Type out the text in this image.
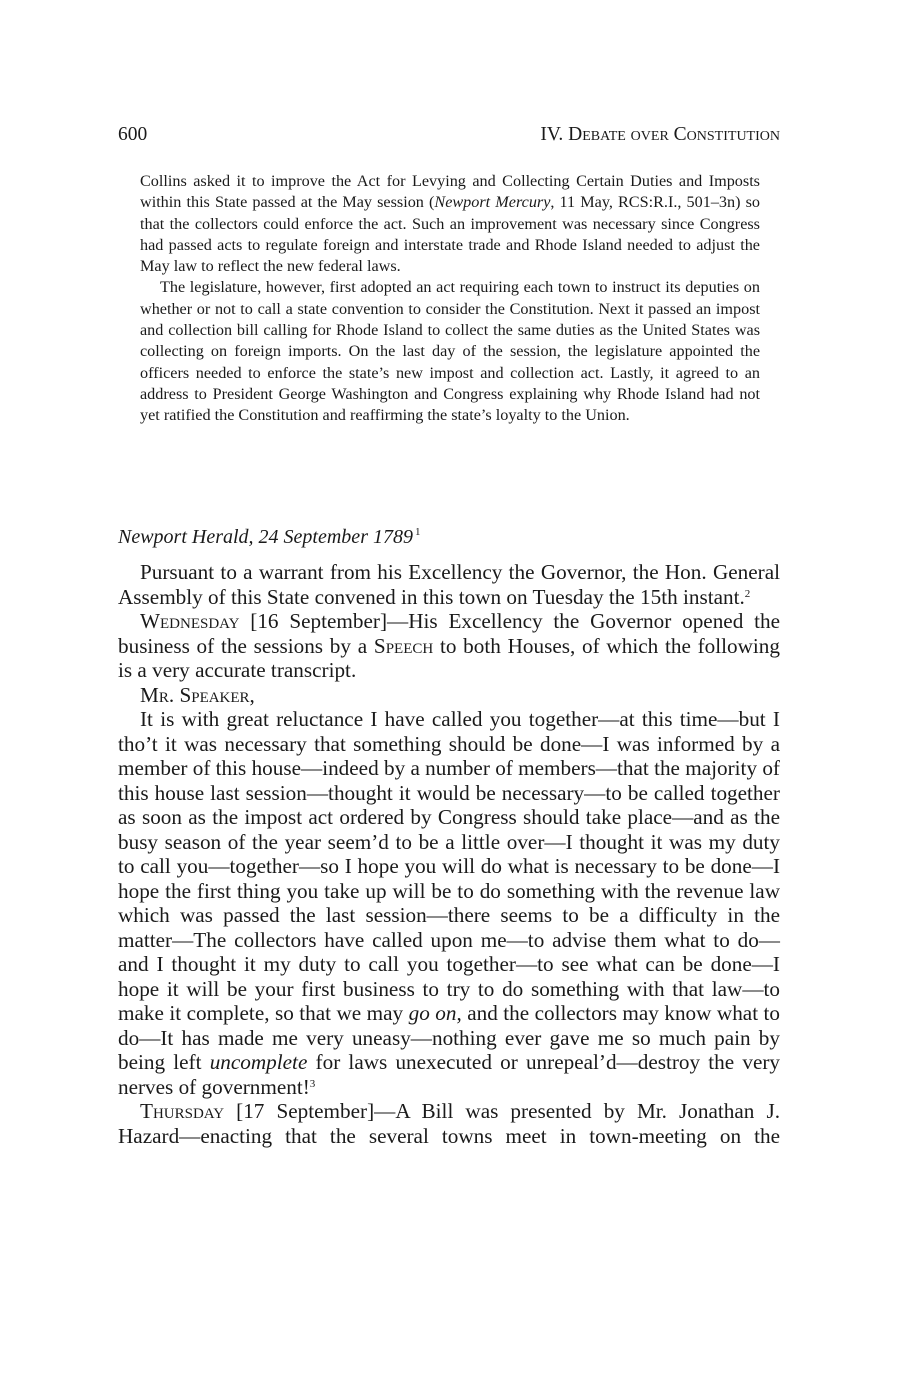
600	IV. Debate over Constitution

Collins asked it to improve the Act for Levying and Collecting Certain Duties and Imposts within this State passed at the May session (Newport Mercury, 11 May, RCS:R.I., 501–3n) so that the collectors could enforce the act. Such an improvement was necessary since Congress had passed acts to regulate foreign and interstate trade and Rhode Island needed to adjust the May law to reflect the new federal laws.

The legislature, however, first adopted an act requiring each town to instruct its deputies on whether or not to call a state convention to consider the Constitution. Next it passed an impost and collection bill calling for Rhode Island to collect the same duties as the United States was collecting on foreign imports. On the last day of the session, the legislature appointed the officers needed to enforce the state’s new impost and collection act. Lastly, it agreed to an address to President George Washington and Congress explaining why Rhode Island had not yet ratified the Constitution and reaffirming the state’s loyalty to the Union.

Newport Herald, 24 September 1789 $^1$

Pursuant to a warrant from his Excellency the Governor, the Hon. General Assembly of this State convened in this town on Tuesday the 15th instant.$^2$

Wednesday [16 September]—His Excellency the Governor opened the business of the sessions by a Speech to both Houses, of which the following is a very accurate transcript.

Mr. Speaker,

It is with great reluctance I have called you together—at this time—but I tho’t it was necessary that something should be done—I was informed by a member of this house—indeed by a number of members—that the majority of this house last session—thought it would be necessary—to be called together as soon as the impost act ordered by Congress should take place—and as the busy season of the year seem’d to be a little over—I thought it was my duty to call you—together—so I hope you will do what is necessary to be done—I hope the first thing you take up will be to do something with the revenue law which was passed the last session—there seems to be a difficulty in the matter—The collectors have called upon me—to advise them what to do—and I thought it my duty to call you together—to see what can be done—I hope it will be your first business to try to do something with that law—to make it complete, so that we may go on, and the collectors may know what to do—It has made me very uneasy—nothing ever gave me so much pain by being left uncomplete for laws unexecuted or unrepeal’d—destroy the very nerves of government!$^3$

Thursday [17 September]—A Bill was presented by Mr. Jonathan J. Hazard—enacting that the several towns meet in town-meeting on the
